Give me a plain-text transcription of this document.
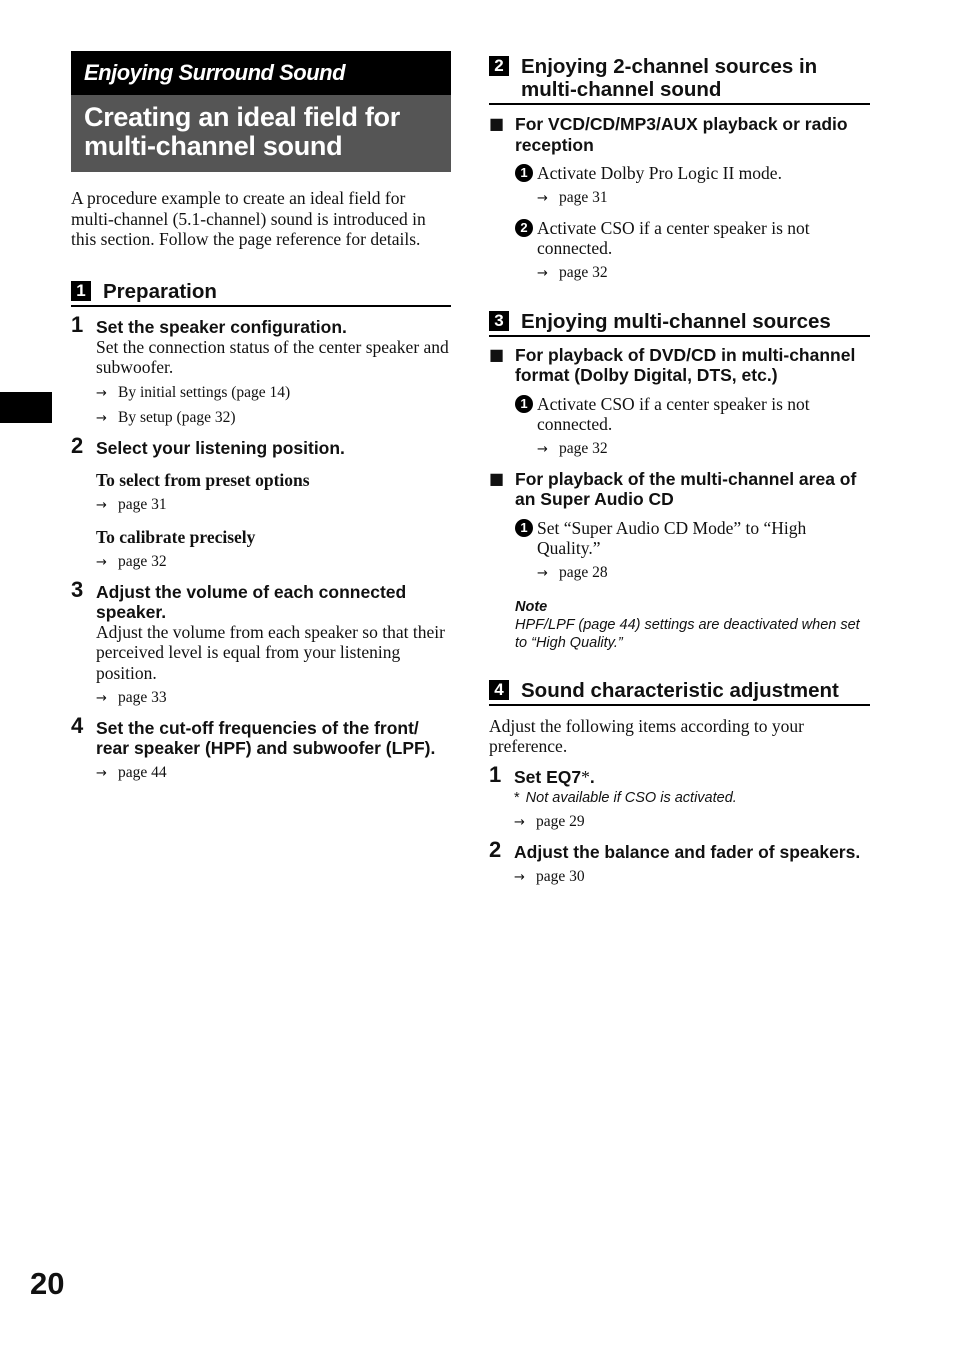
Enjoying Surround Sound
Creating an ideal field for
multi-channel sound

A procedure example to create an ideal field for multi-channel (5.1-channel) sound is introduced in this section. Follow the page reference for details.

1 Preparation
1 Set the speaker configuration.

Set the connection status of the center speaker and subwoofer.

→ By initial settings (page 14)
→ By setup (page 32)
2 Select your listening position.
To select from preset options
→ page 31
To calibrate precisely
→ page 32
3 Adjust the volume of each connected speaker.

Adjust the volume from each speaker so that their perceived level is equal from your listening position.

→ page 33
4 Set the cut-off frequencies of the front/ rear speaker (HPF) and subwoofer (LPF).
→ page 44
2 Enjoying 2-channel sources in multi-channel sound
■ For VCD/CD/MP3/AUX playback or radio reception
1 Activate Dolby Pro Logic II mode.
→ page 31
2 Activate CSO if a center speaker is not connected.
→ page 32
3 Enjoying multi-channel sources
■ For playback of DVD/CD in multi-channel format (Dolby Digital, DTS, etc.)
1 Activate CSO if a center speaker is not connected.
→ page 32
■ For playback of the multi-channel area of an Super Audio CD
1 Set “Super Audio CD Mode” to “High Quality.”
→ page 28
Note
HPF/LPF (page 44) settings are deactivated when set to “High Quality.”
4 Sound characteristic adjustment

Adjust the following items according to your preference.

1 Set EQ7*.
* Not available if CSO is activated.
→ page 29
2 Adjust the balance and fader of speakers.
→ page 30
20
